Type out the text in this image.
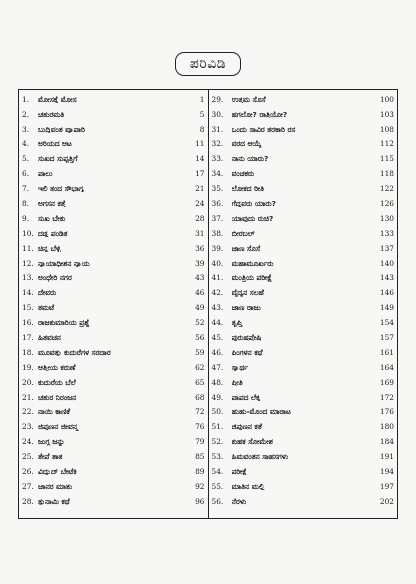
ಪರಿವಿಡಿ
1.	ಮೋಸಕ್ಕೆ ಮೋಸ	1
2.	ಚತುರಮತಿ	5
3.	ಬುದ್ಧಿವಂತ ವ್ಯಾಪಾರಿ	8
4.	ಅರಿಯದ ಆಟ	11
5.	ಸುಖದ ಸುಪ್ಪತ್ತಿಗೆ	14
6.	ಪಾಲು	17
7.	ಇಲಿ ತಂದ ಸೌಭಾಗ್ಯ	21
8.	ಅಗಸನ ಕತ್ತೆ	24
9.	ಸುಖ ಬೇಕು	28
10. ದಡ್ಡ ಪಂಡಿತ	31
11. ಚಿನ್ನ ಬೆಳ್ಳಿ	36
12. ನ್ಯಾಯಾಧೀಶನ ನ್ಯಾಯ	39
13. ಅಂಧೇರಿ ನಗರ	43
14. ದೇವರು	46
15. ತಮಟೆ	49
16. ರಾಜಕುಮಾರಿಯ ಪ್ರಶ್ನೆ	52
17. ಹಿತವಚನ	56
18. ಮೂವತ್ತು ಕುದುರೆಗಳ ಸರದಾರ	59
19. ಆತ್ಮೀಯ ಕರುಣೆ	62
20. ಕುದುರೆಯ ಬೆಲೆ	65
21. ಚತುರ ನಿರಂಜನ	68
22. ನಾಯಿ ಕಾಣಿಕೆ	72
23. ಜಿಪುಣನ ಜೀವನ್ಮ	76
24. ಜುಗ್ಗ ಜನ್ನು	79
25. ತೇಪೆ ತಾತ	85
26. ವಿದ್ಯುದ್ ಬೇಟೆಕಿ	89
27. ಜಾನರ ಮಾತು	92
28. ತ್ಸುನಾಮಿ ಕಥೆ	96
29.	ಉತ್ತಮ ಸೊಸೆ	100
30.	ಹಗಲೋ? ರಾತ್ರಿಯೋ?	103
31.	ಒಂದು ಸಾವಿರ ತರಕಾರಿ ರಸ	108
32.	ವರದ ಆಯ್ಕೆ	112
33.	ನಾನು ಯಾರು?	115
34.	ವಂಚಕರು	118
35.	ಲೋಕದ ರೀತಿ	122
36.	ಗೆದ್ದವರು ಯಾರು?	126
37.	ಯಾವುದು ರುಚಿ?	130
38.	ಬೀರಬಲ್	133
39.	ಜಾಣ ಸೊಸೆ	137
40.	ಮಹಾಮೂರ್ಖರು	140
41.	ಮಂತ್ರಿಯ ಪರೀಕ್ಷೆ	143
42.	ವೈದ್ಯನ ಸಲಹೆ	146
43.	ಜಾಣ ರಾಜು	149
44.	ತೃಪ್ತಿ	154
45.	ಪುರುಷಪ್ರೇಷಿ	157
46.	ಪಿಂಗಳನ ಕಥೆ	161
47.	ಸ್ವಾರ್ಥ	164
48.	ಪ್ರೀತಿ	169
49.	ಪಾಪದ ಲೆಕ್ಕ	172
50.	ಹುಹು-ಮೊಂದ ಮಾರಾಟ	176
51.	ಜಿಪುಣನ ಕತೆ	180
52.	ಕುಹಕ ಸೋಮೇಶ	184
53.	ಹಿಮವಂತನ ಸಾಹಸಗಳು	191
54.	ಪರೀಕ್ಷೆ	194
55.	ಮಾತಿನ ಮಲ್ಲಿ	197
56.	ನೆರಳು	202
